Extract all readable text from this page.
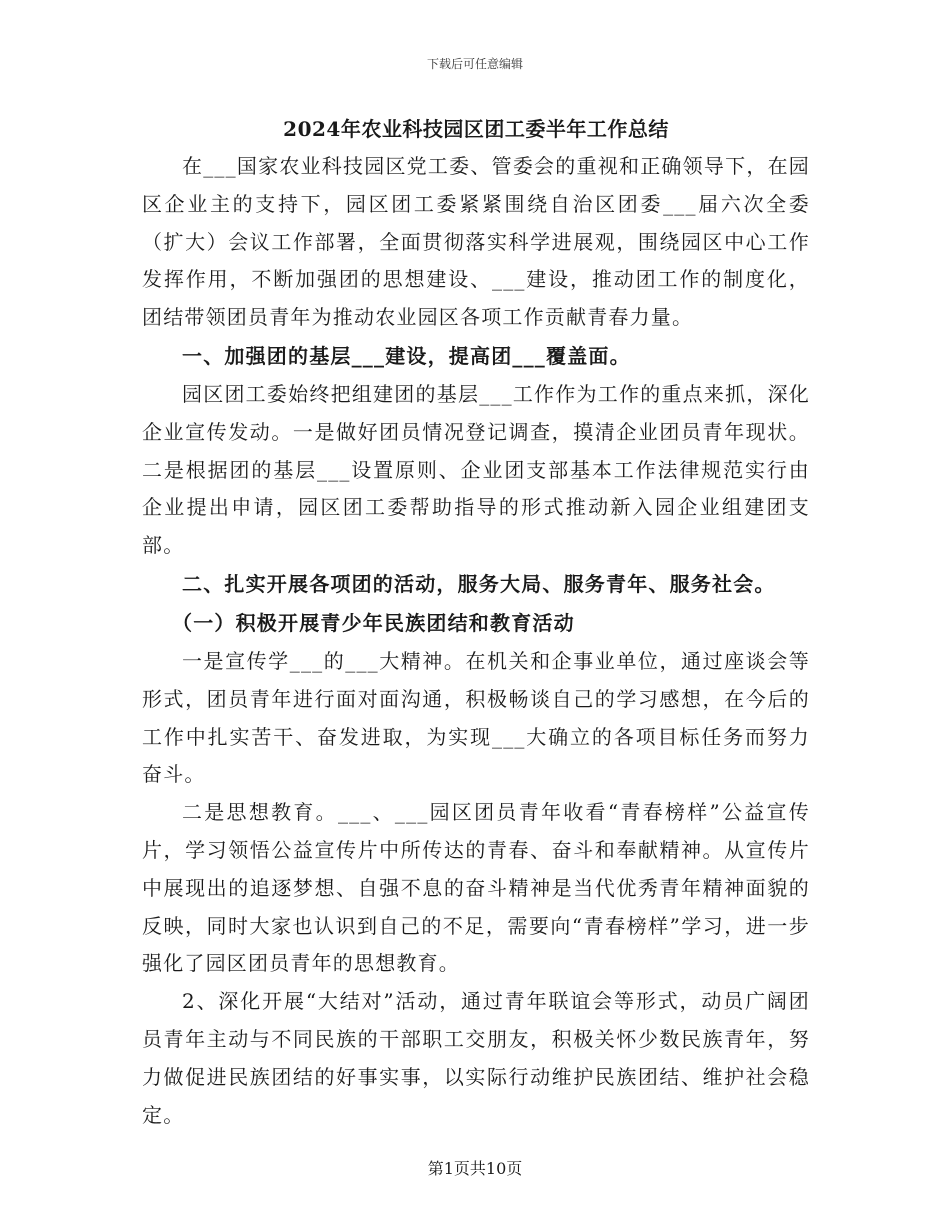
下载后可任意编辑
2024年农业科技园区团工委半年工作总结

在___国家农业科技园区党工委、管委会的重视和正确领导下，在园区企业主的支持下，园区团工委紧紧围绕自治区团委___届六次全委（扩大）会议工作部署，全面贯彻落实科学进展观，围绕园区中心工作发挥作用，不断加强团的思想建设、___建设，推动团工作的制度化，团结带领团员青年为推动农业园区各项工作贡献青春力量。

一、加强团的基层___建设，提高团___覆盖面。

园区团工委始终把组建团的基层___工作作为工作的重点来抓，深化企业宣传发动。一是做好团员情况登记调查，摸清企业团员青年现状。二是根据团的基层___设置原则、企业团支部基本工作法律规范实行由企业提出申请，园区团工委帮助指导的形式推动新入园企业组建团支部。

二、扎实开展各项团的活动，服务大局、服务青年、服务社会。

（一）积极开展青少年民族团结和教育活动

一是宣传学___的___大精神。在机关和企事业单位，通过座谈会等形式，团员青年进行面对面沟通，积极畅谈自己的学习感想，在今后的工作中扎实苦干、奋发进取，为实现___大确立的各项目标任务而努力奋斗。

二是思想教育。___、___园区团员青年收看“青春榜样”公益宣传片，学习领悟公益宣传片中所传达的青春、奋斗和奉献精神。从宣传片中展现出的追逐梦想、自强不息的奋斗精神是当代优秀青年精神面貌的反映，同时大家也认识到自己的不足，需要向“青春榜样”学习，进一步强化了园区团员青年的思想教育。

2、深化开展“大结对”活动，通过青年联谊会等形式，动员广阔团员青年主动与不同民族的干部职工交朋友，积极关怀少数民族青年，努力做促进民族团结的好事实事，以实际行动维护民族团结、维护社会稳定。

第1页共10页
